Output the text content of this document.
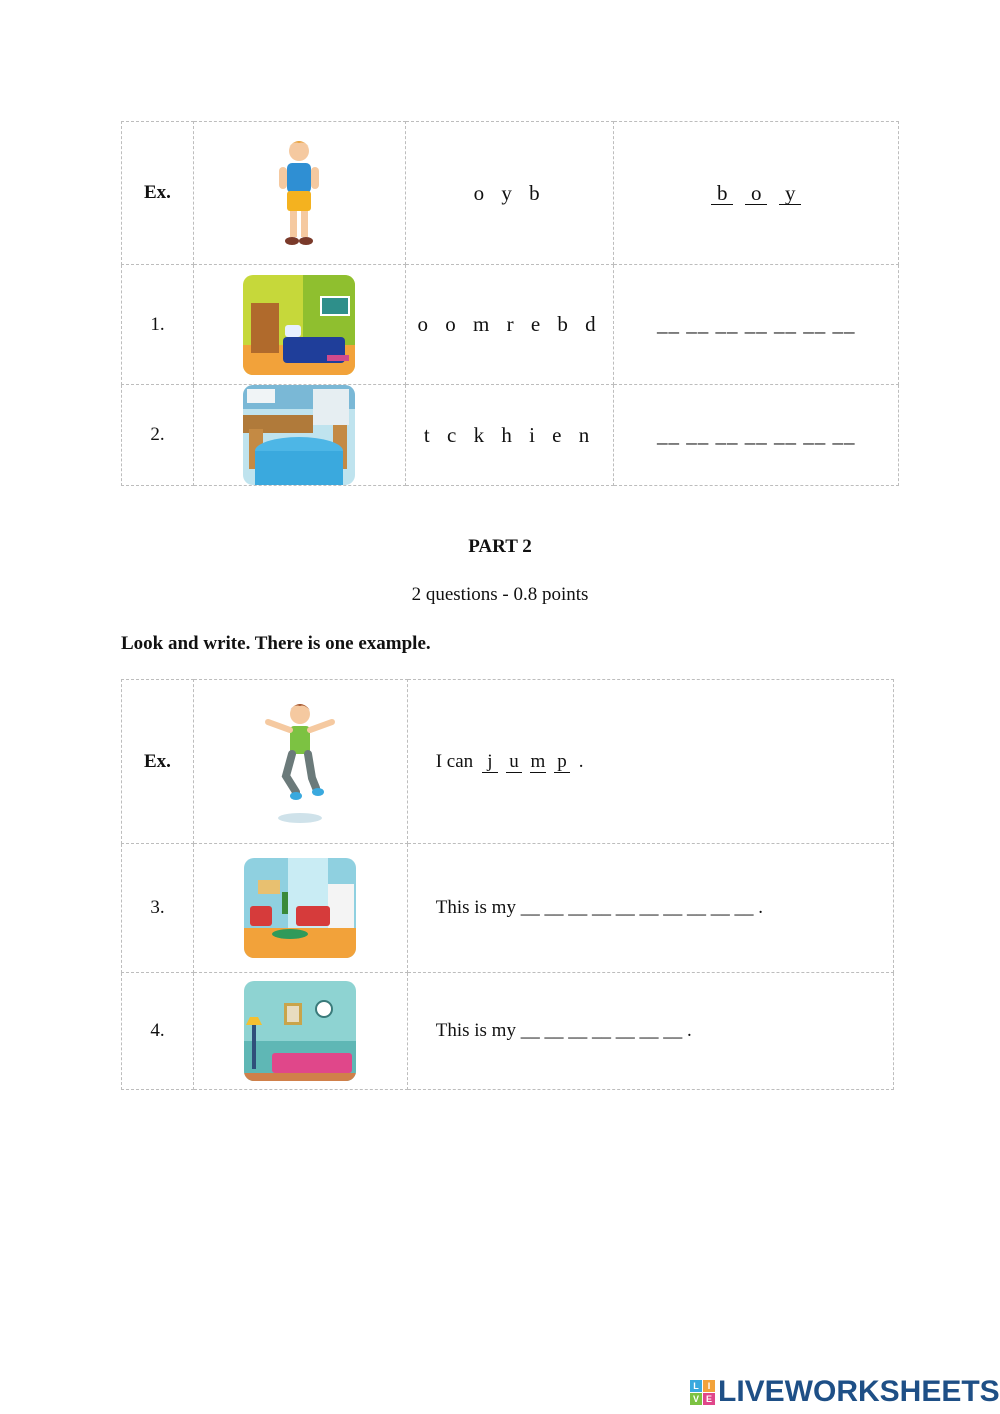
Ex.		o y b	b o y
1.		o o m r e b d	__ __ __ __ __ __ __
2.		t c k h i e n	__ __ __ __ __ __ __
PART 2
2 questions - 0.8 points
Look and write. There is one example.
Ex.		I can j u m p .
3.		This is my __ __ __ __ __ __ __ __ __ __ .
4.		This is my __ __ __ __ __ __ __ .
L I
V E LIVEWORKSHEETS
